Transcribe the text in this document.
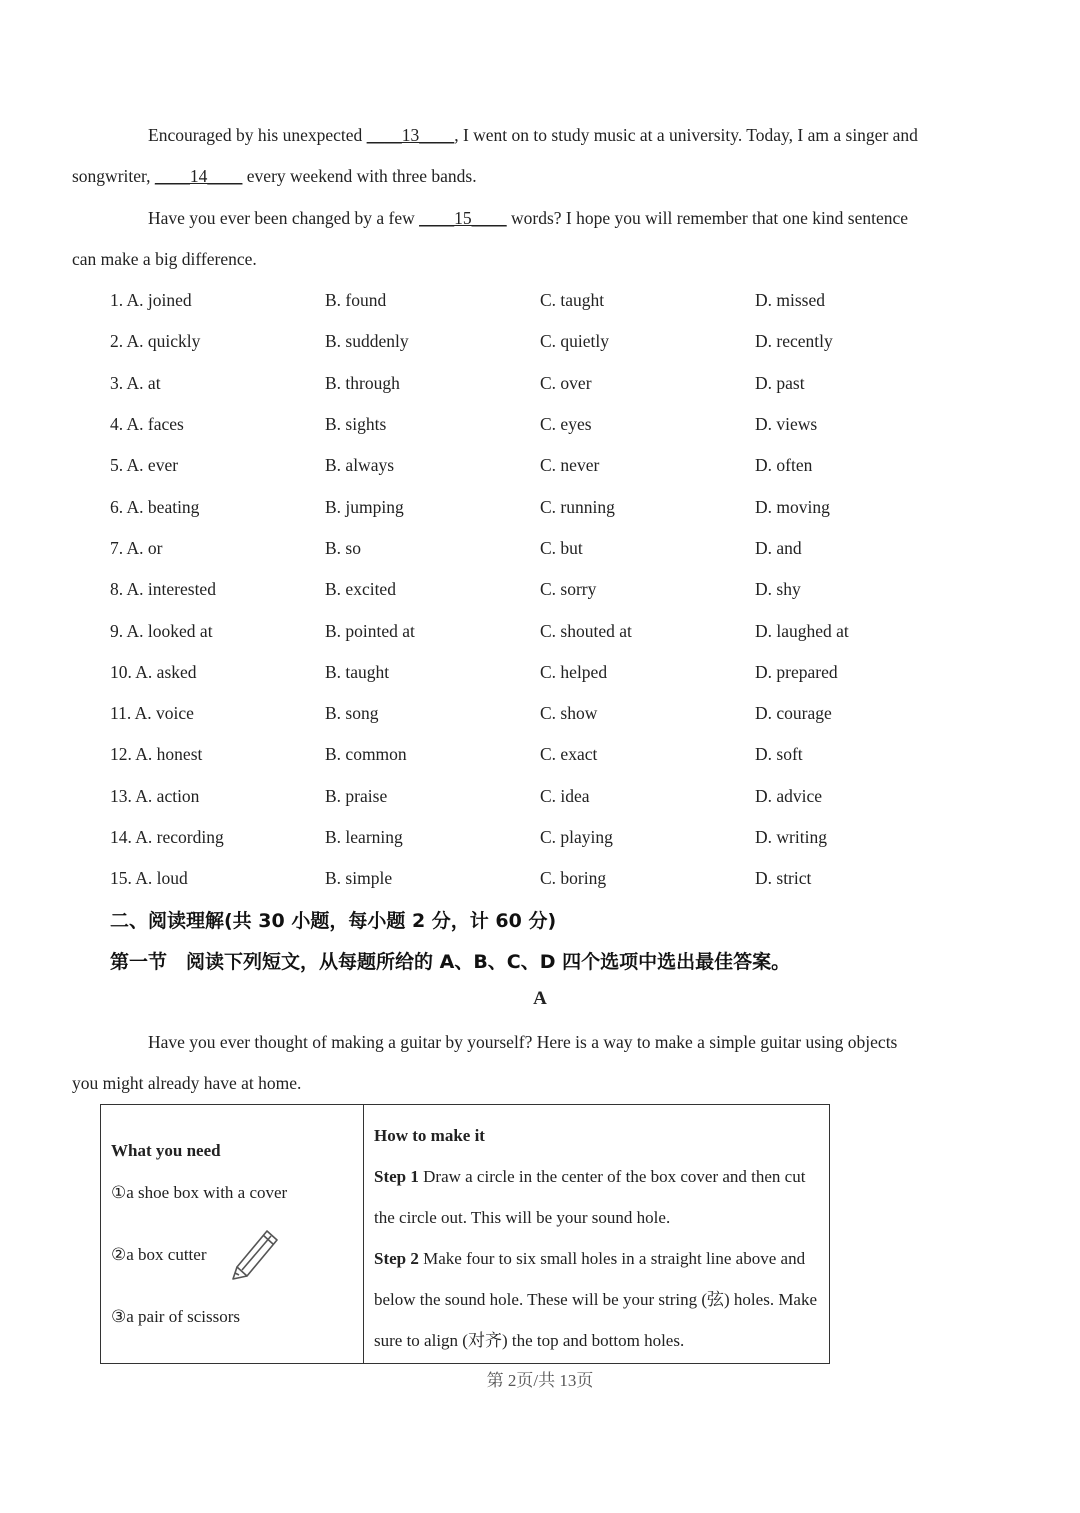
Encouraged by his unexpected ____13____, I went on to study music at a university. Today, I am a singer and
songwriter, ____14____ every weekend with three bands.

Have you ever been changed by a few ____15____ words? I hope you will remember that one kind sentence
can make a big difference.

1. A. joined	B. found	C. taught	D. missed
2. A. quickly	B. suddenly	C. quietly	D. recently
3. A. at	B. through	C. over	D. past
4. A. faces	B. sights	C. eyes	D. views
5. A. ever	B. always	C. never	D. often
6. A. beating	B. jumping	C. running	D. moving
7. A. or	B. so	C. but	D. and
8. A. interested	B. excited	C. sorry	D. shy
9. A. looked at	B. pointed at	C. shouted at	D. laughed at
10. A. asked	B. taught	C. helped	D. prepared
11. A. voice	B. song	C. show	D. courage
12. A. honest	B. common	C. exact	D. soft
13. A. action	B. praise	C. idea	D. advice
14. A. recording	B. learning	C. playing	D. writing
15. A. loud	B. simple	C. boring	D. strict

二、阅读理解(共 30 小题，每小题 2 分，计 60 分)

第一节　阅读下列短文，从每题所给的 A、B、C、D 四个选项中选出最佳答案。

A

Have you ever thought of making a guitar by yourself? Here is a way to make a simple guitar using objects
you might already have at home.

What you need
①a shoe box with a cover
②a box cutter
③a pair of scissors
How to make it
Step 1 Draw a circle in the center of the box cover and then cut the circle out. This will be your sound hole.
Step 2 Make four to six small holes in a straight line above and below the sound hole. These will be your string (弦) holes. Make sure to align (对齐) the top and bottom holes.

第 2页/共 13页
